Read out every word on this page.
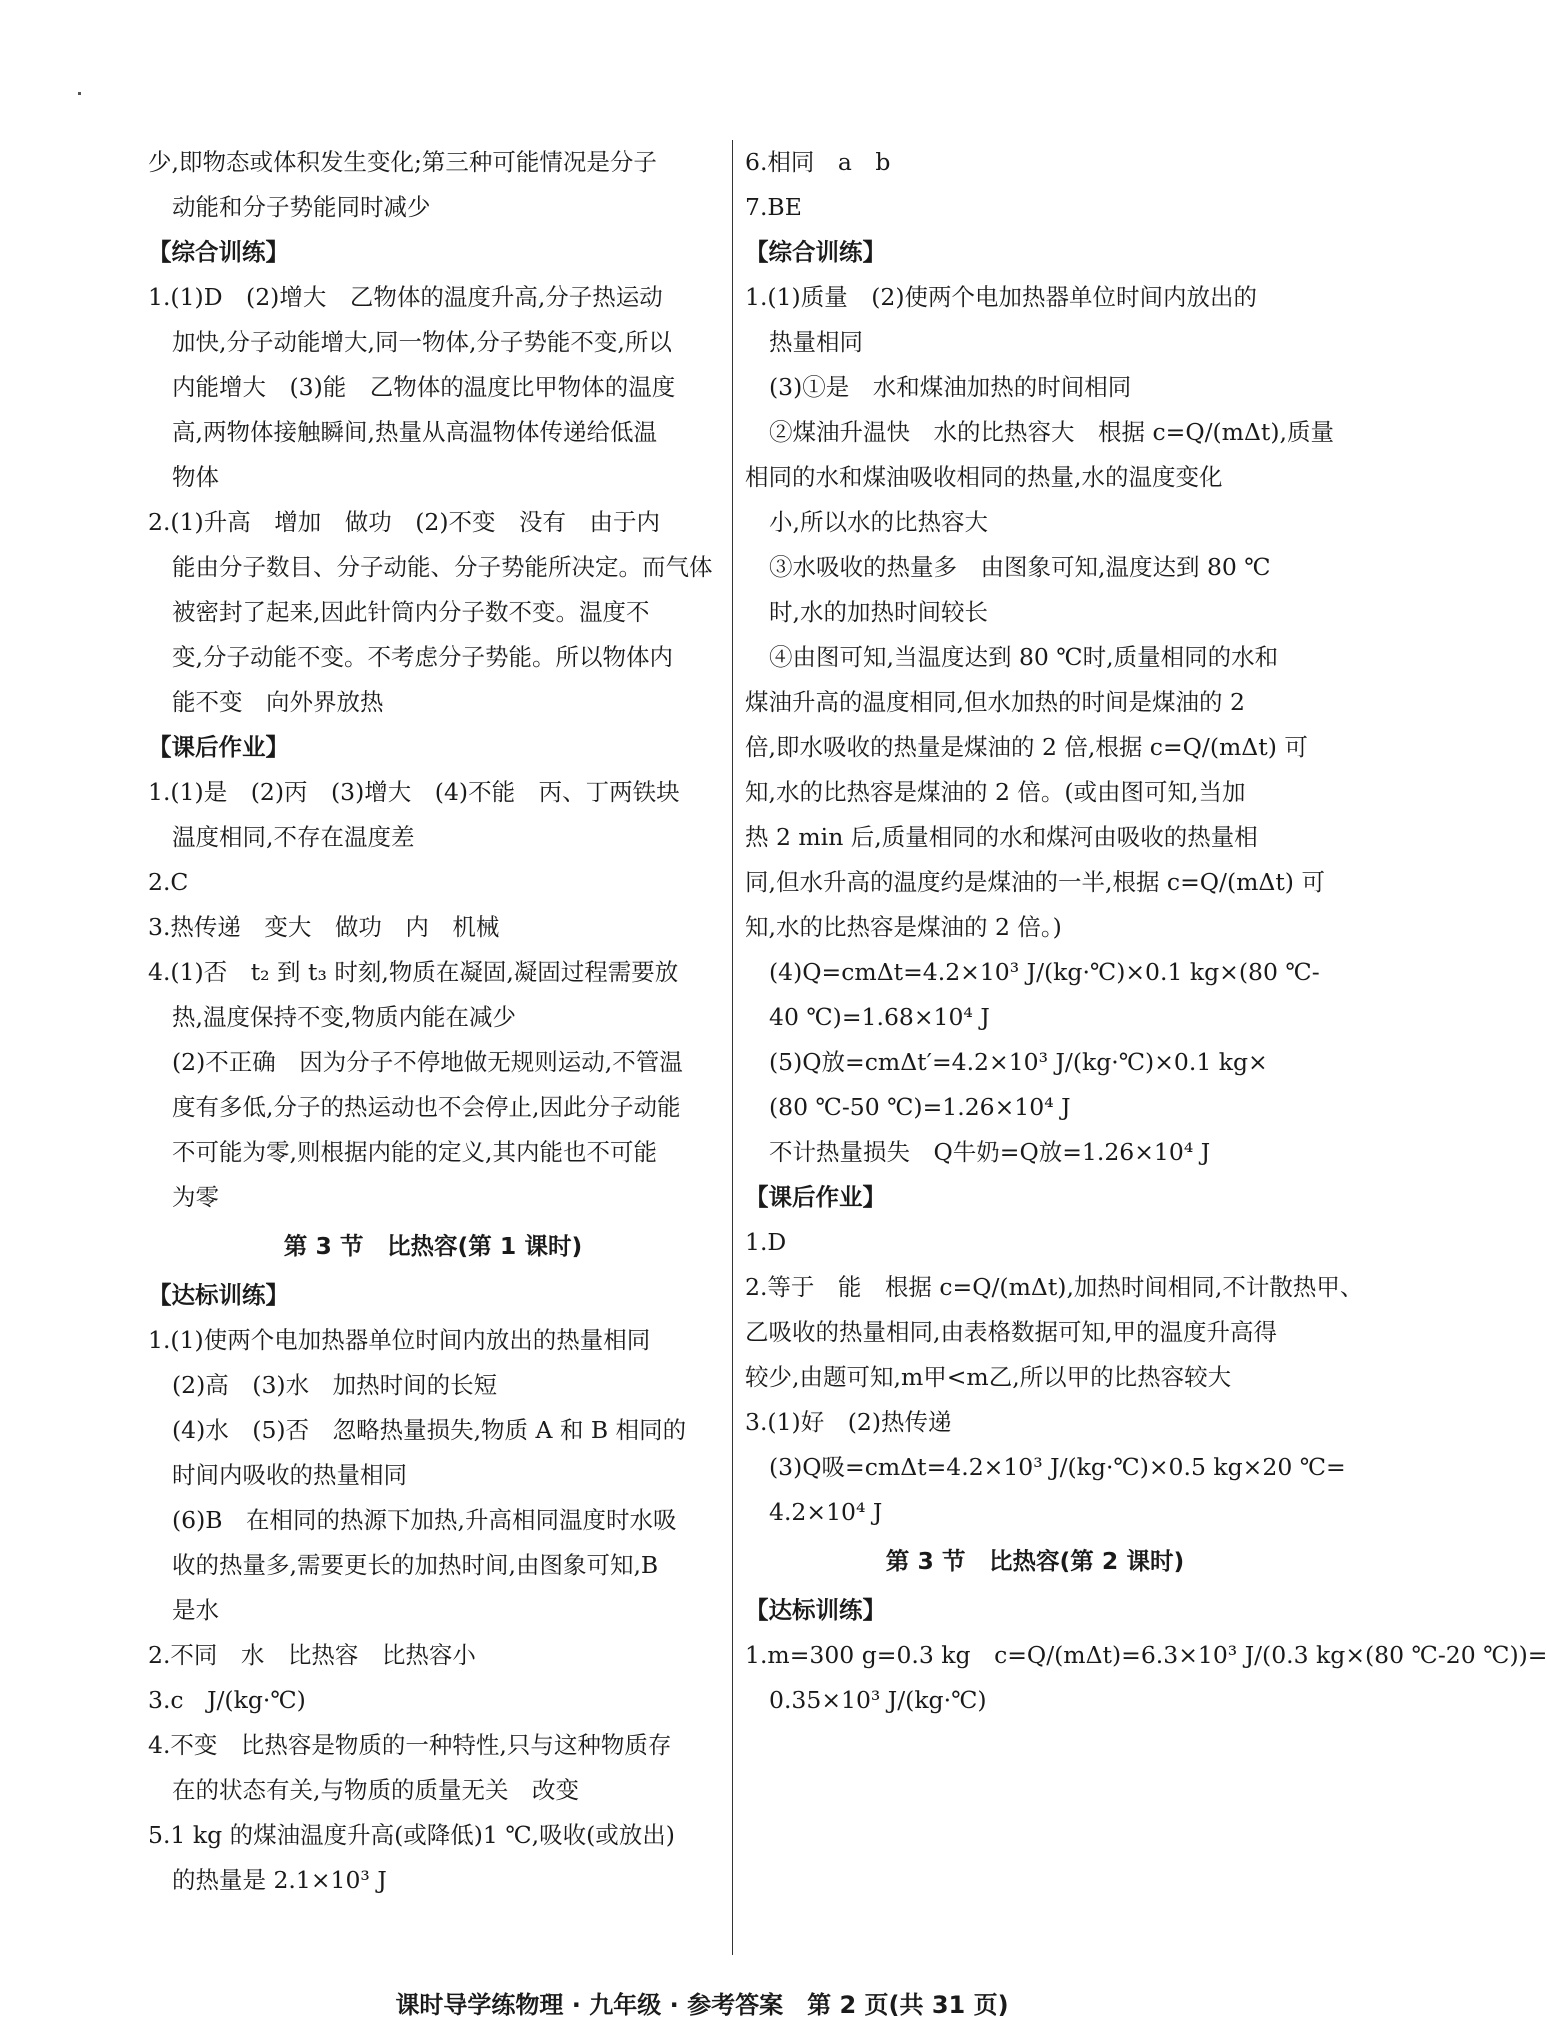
少,即物态或体积发生变化;第三种可能情况是分子
动能和分子势能同时减少
【综合训练】
1.(1)D　(2)增大　乙物体的温度升高,分子热运动
加快,分子动能增大,同一物体,分子势能不变,所以
内能增大　(3)能　乙物体的温度比甲物体的温度
高,两物体接触瞬间,热量从高温物体传递给低温
物体
2.(1)升高　增加　做功　(2)不变　没有　由于内
能由分子数目、分子动能、分子势能所决定。而气体
被密封了起来,因此针筒内分子数不变。温度不
变,分子动能不变。不考虑分子势能。所以物体内
能不变　向外界放热
【课后作业】
1.(1)是　(2)丙　(3)增大　(4)不能　丙、丁两铁块
温度相同,不存在温度差
2.C
3.热传递　变大　做功　内　机械
4.(1)否　t₂ 到 t₃ 时刻,物质在凝固,凝固过程需要放
热,温度保持不变,物质内能在减少
(2)不正确　因为分子不停地做无规则运动,不管温
度有多低,分子的热运动也不会停止,因此分子动能
不可能为零,则根据内能的定义,其内能也不可能
为零
第 3 节　比热容(第 1 课时)
【达标训练】
1.(1)使两个电加热器单位时间内放出的热量相同
(2)高　(3)水　加热时间的长短
(4)水　(5)否　忽略热量损失,物质 A 和 B 相同的
时间内吸收的热量相同
(6)B　在相同的热源下加热,升高相同温度时水吸
收的热量多,需要更长的加热时间,由图象可知,B
是水
2.不同　水　比热容　比热容小
3.c　J/(kg·℃)
4.不变　比热容是物质的一种特性,只与这种物质存
在的状态有关,与物质的质量无关　改变
5.1 kg 的煤油温度升高(或降低)1 ℃,吸收(或放出)
的热量是 2.1×10³ J
6.相同　a　b
7.BE
【综合训练】
1.(1)质量　(2)使两个电加热器单位时间内放出的
热量相同
(3)①是　水和煤油加热的时间相同
②煤油升温快　水的比热容大　根据 c=Q/(mΔt),质量
相同的水和煤油吸收相同的热量,水的温度变化
小,所以水的比热容大
③水吸收的热量多　由图象可知,温度达到 80 ℃
时,水的加热时间较长
④由图可知,当温度达到 80 ℃时,质量相同的水和
煤油升高的温度相同,但水加热的时间是煤油的 2
倍,即水吸收的热量是煤油的 2 倍,根据 c=Q/(mΔt) 可
知,水的比热容是煤油的 2 倍。(或由图可知,当加
热 2 min 后,质量相同的水和煤河由吸收的热量相
同,但水升高的温度约是煤油的一半,根据 c=Q/(mΔt) 可
知,水的比热容是煤油的 2 倍。)
(4)Q=cmΔt=4.2×10³ J/(kg·℃)×0.1 kg×(80 ℃-
40 ℃)=1.68×10⁴ J
(5)Q放=cmΔt′=4.2×10³ J/(kg·℃)×0.1 kg×
(80 ℃-50 ℃)=1.26×10⁴ J
不计热量损失　Q牛奶=Q放=1.26×10⁴ J
【课后作业】
1.D
2.等于　能　根据 c=Q/(mΔt),加热时间相同,不计散热甲、
乙吸收的热量相同,由表格数据可知,甲的温度升高得
较少,由题可知,m甲<m乙,所以甲的比热容较大
3.(1)好　(2)热传递
(3)Q吸=cmΔt=4.2×10³ J/(kg·℃)×0.5 kg×20 ℃=
4.2×10⁴ J
第 3 节　比热容(第 2 课时)
【达标训练】
1.m=300 g=0.3 kg　c=Q/(mΔt)=6.3×10³ J/(0.3 kg×(80 ℃-20 ℃))=
0.35×10³ J/(kg·℃)
课时导学练物理 · 九年级 · 参考答案　第 2 页(共 31 页)
